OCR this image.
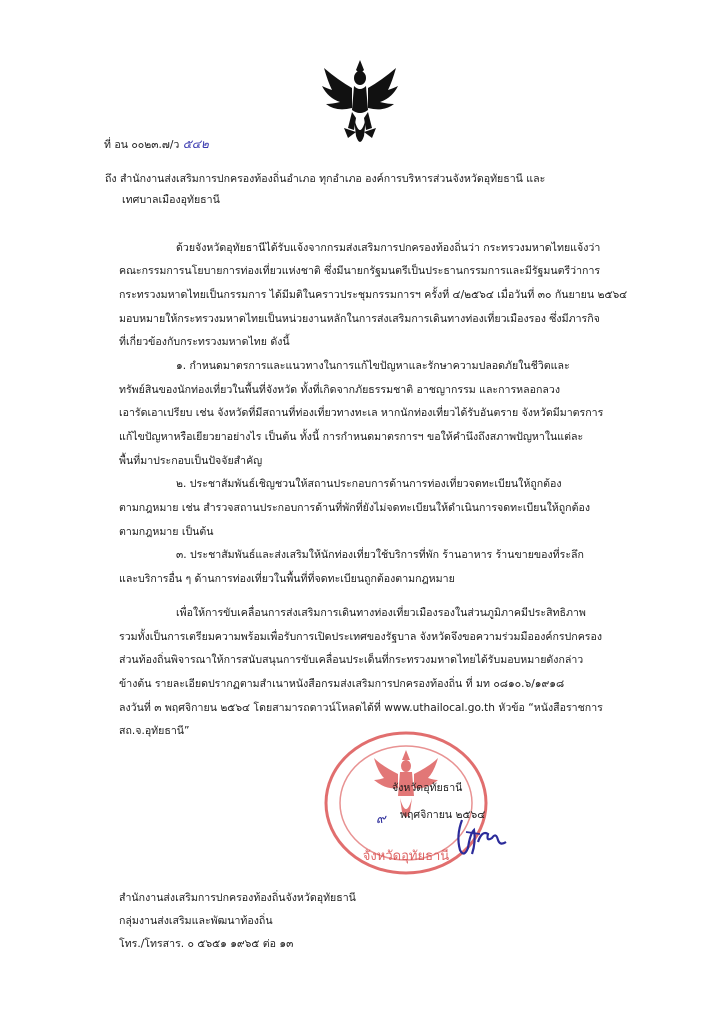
ที่ อน ๐๐๒๓.๗/ว ๕๔๒
ถึง สำนักงานส่งเสริมการปกครองท้องถิ่นอำเภอ ทุกอำเภอ องค์การบริหารส่วนจังหวัดอุทัยธานี และ
เทศบาลเมืองอุทัยธานี
ด้วยจังหวัดอุทัยธานีได้รับแจ้งจากกรมส่งเสริมการปกครองท้องถิ่นว่า กระทรวงมหาดไทยแจ้งว่า
คณะกรรมการนโยบายการท่องเที่ยวแห่งชาติ ซึ่งมีนายกรัฐมนตรีเป็นประธานกรรมการและมีรัฐมนตรีว่าการ
กระทรวงมหาดไทยเป็นกรรมการ ได้มีมติในคราวประชุมกรรมการฯ ครั้งที่ ๔/๒๕๖๔ เมื่อวันที่ ๓๐ กันยายน ๒๕๖๔
มอบหมายให้กระทรวงมหาดไทยเป็นหน่วยงานหลักในการส่งเสริมการเดินทางท่องเที่ยวเมืองรอง ซึ่งมีภารกิจ
ที่เกี่ยวข้องกับกระทรวงมหาดไทย ดังนี้
๑. กำหนดมาตรการและแนวทางในการแก้ไขปัญหาและรักษาความปลอดภัยในชีวิตและ
ทรัพย์สินของนักท่องเที่ยวในพื้นที่จังหวัด ทั้งที่เกิดจากภัยธรรมชาติ อาชญากรรม และการหลอกลวง
เอารัดเอาเปรียบ เช่น จังหวัดที่มีสถานที่ท่องเที่ยวทางทะเล หากนักท่องเที่ยวได้รับอันตราย จังหวัดมีมาตรการ
แก้ไขปัญหาหรือเยียวยาอย่างไร เป็นต้น ทั้งนี้ การกำหนดมาตรการฯ ขอให้คำนึงถึงสภาพปัญหาในแต่ละ
พื้นที่มาประกอบเป็นปัจจัยสำคัญ
๒. ประชาสัมพันธ์เชิญชวนให้สถานประกอบการด้านการท่องเที่ยวจดทะเบียนให้ถูกต้อง
ตามกฎหมาย เช่น สำรวจสถานประกอบการด้านที่พักที่ยังไม่จดทะเบียนให้ดำเนินการจดทะเบียนให้ถูกต้อง
ตามกฎหมาย เป็นต้น
๓. ประชาสัมพันธ์และส่งเสริมให้นักท่องเที่ยวใช้บริการที่พัก ร้านอาหาร ร้านขายของที่ระลึก
และบริการอื่น ๆ ด้านการท่องเที่ยวในพื้นที่ที่จดทะเบียนถูกต้องตามกฎหมาย
เพื่อให้การขับเคลื่อนการส่งเสริมการเดินทางท่องเที่ยวเมืองรองในส่วนภูมิภาคมีประสิทธิภาพ
รวมทั้งเป็นการเตรียมความพร้อมเพื่อรับการเปิดประเทศของรัฐบาล จังหวัดจึงขอความร่วมมือองค์กรปกครอง
ส่วนท้องถิ่นพิจารณาให้การสนับสนุนการขับเคลื่อนประเด็นที่กระทรวงมหาดไทยได้รับมอบหมายดังกล่าว
ข้างต้น รายละเอียดปรากฏตามสำเนาหนังสือกรมส่งเสริมการปกครองท้องถิ่น ที่ มท ๐๘๑๐.๖/๑๙๑๘
ลงวันที่ ๓ พฤศจิกายน ๒๕๖๔ โดยสามารถดาวน์โหลดได้ที่ www.uthailocal.go.th หัวข้อ “หนังสือราชการ
สถ.จ.อุทัยธานี”
จังหวัดอุทัยธานี
จังหวัดอุทัยธานี
๙ พฤศจิกายน ๒๕๖๔
สำนักงานส่งเสริมการปกครองท้องถิ่นจังหวัดอุทัยธานี
กลุ่มงานส่งเสริมและพัฒนาท้องถิ่น
โทร./โทรสาร. ๐ ๕๖๕๑ ๑๙๖๕ ต่อ ๑๓
